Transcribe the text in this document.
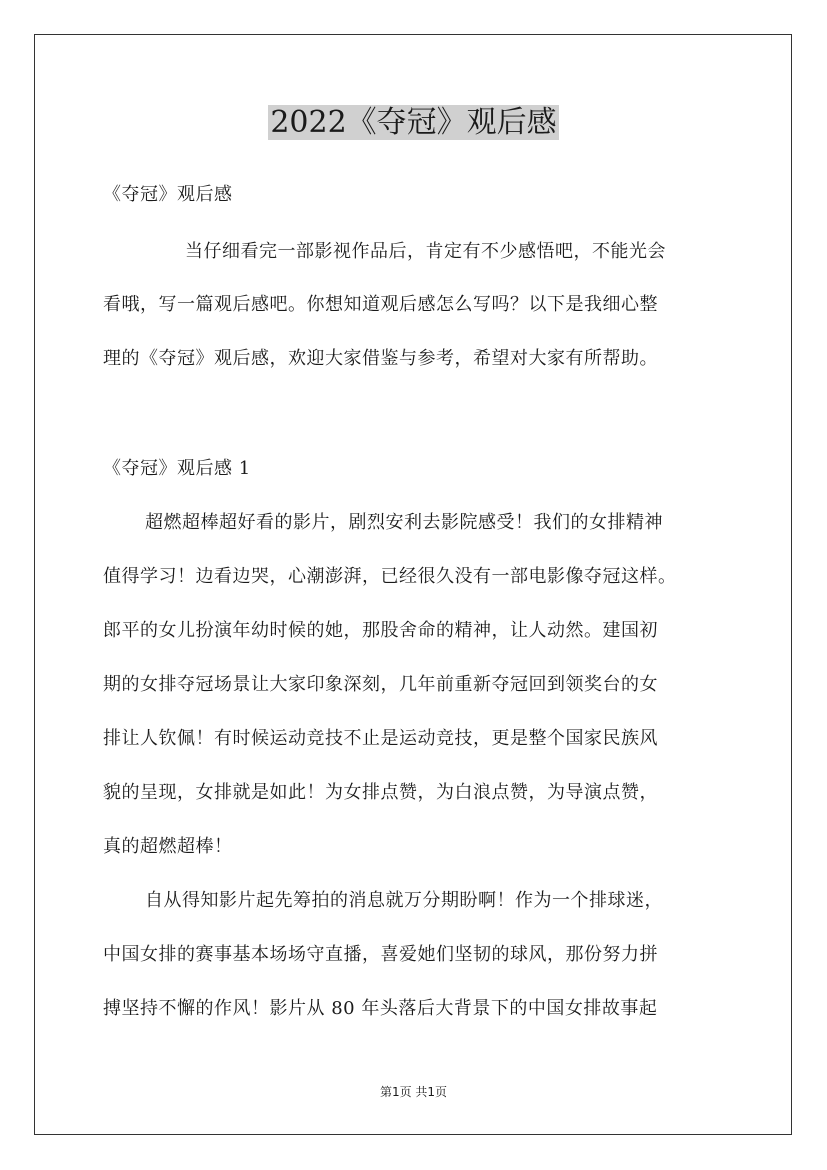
2022《夺冠》观后感
《夺冠》观后感
当仔细看完一部影视作品后，肯定有不少感悟吧，不能光会
看哦，写一篇观后感吧。你想知道观后感怎么写吗？以下是我细心整
理的《夺冠》观后感，欢迎大家借鉴与参考，希望对大家有所帮助。
《夺冠》观后感 1
超燃超棒超好看的影片，剧烈安利去影院感受！我们的女排精神
值得学习！边看边哭，心潮澎湃，已经很久没有一部电影像夺冠这样。
郎平的女儿扮演年幼时候的她，那股舍命的精神，让人动然。建国初
期的女排夺冠场景让大家印象深刻，几年前重新夺冠回到领奖台的女
排让人钦佩！有时候运动竞技不止是运动竞技，更是整个国家民族风
貌的呈现，女排就是如此！为女排点赞，为白浪点赞，为导演点赞，
真的超燃超棒！
自从得知影片起先筹拍的消息就万分期盼啊！作为一个排球迷，
中国女排的赛事基本场场守直播，喜爱她们坚韧的球风，那份努力拼
搏坚持不懈的作风！影片从 80 年头落后大背景下的中国女排故事起
第1页 共1页
